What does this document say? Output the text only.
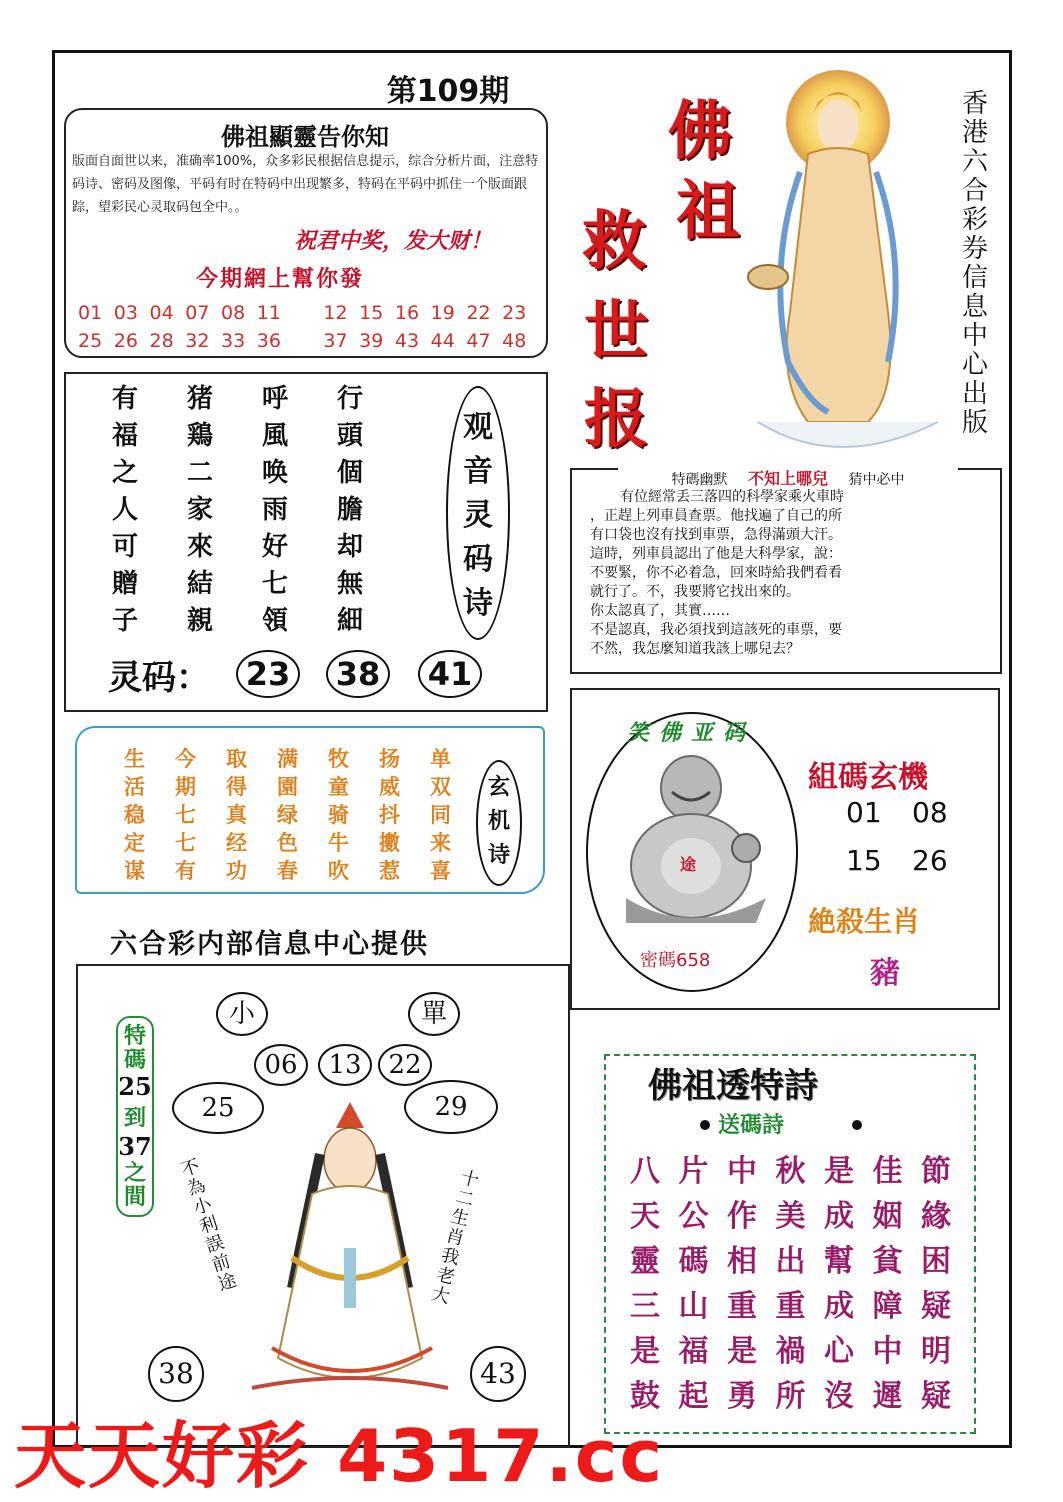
第109期
佛祖顯靈告你知
版面自面世以来，准确率100%，众多彩民根据信息提示，综合分析片面，注意特码诗、密码及图像，平码有时在特码中出现繁多，特码在平码中抓住一个版面跟踪，望彩民心灵取码包全中。。
祝君中奖，发大财！
今期網上幫你發
01 03 04 07 08 11	12 15 16 19 22 23
25 26 28 32 33 36	37 39 43 44 47 48
佛
祖
救
世
报
香港六合彩券信息中心出版
有	猪	呼	行
福	鶏	風	頭
之	二	唤	個
人	家	雨	膽
可	來	好	却
贈	結	七	無
子	親	領	細
观音灵码诗
灵码：	23	38	41
特碼幽默 不知上哪兒 猜中必中
有位經常丢三落四的科學家乘火車時
，正趕上列車員查票。他找遍了自己的所
有口袋也沒有找到車票，急得滿頭大汗。
這時，列車員認出了他是大科學家，說：
不要緊，你不必着急，回來時給我們看看
就行了。不，我要將它找出來的。
你太認真了，其實……
不是認真，我必須找到這該死的車票，要
不然，我怎麼知道我該上哪兒去？
生	今	取	满	牧	扬	单
活	期	得	園	童	威	双
稳	七	真	绿	骑	抖	同
定	七	经	色	牛	擻	来
谋	有	功	春	吹	惹	喜
玄机诗
六合彩内部信息中心提供
笑佛亚码
途
密碼658
組碼玄機
01 08
15 26
絶殺生肖
豬
小	單
06	13	22
25	29
特碼
25
到
37
之間
不為小利誤前途
十二生肖我老大
38	43
佛祖透特詩
送碼詩
八 片 中 秋 是 佳 節
天 公 作 美 成 姻 緣
靈 碼 相 出 幫 貧 困
三 山 重 重 成 障 疑
是 福 是 禍 心 中 明
鼓 起 勇 所 沒 遲 疑
天天好彩 4317.cc
